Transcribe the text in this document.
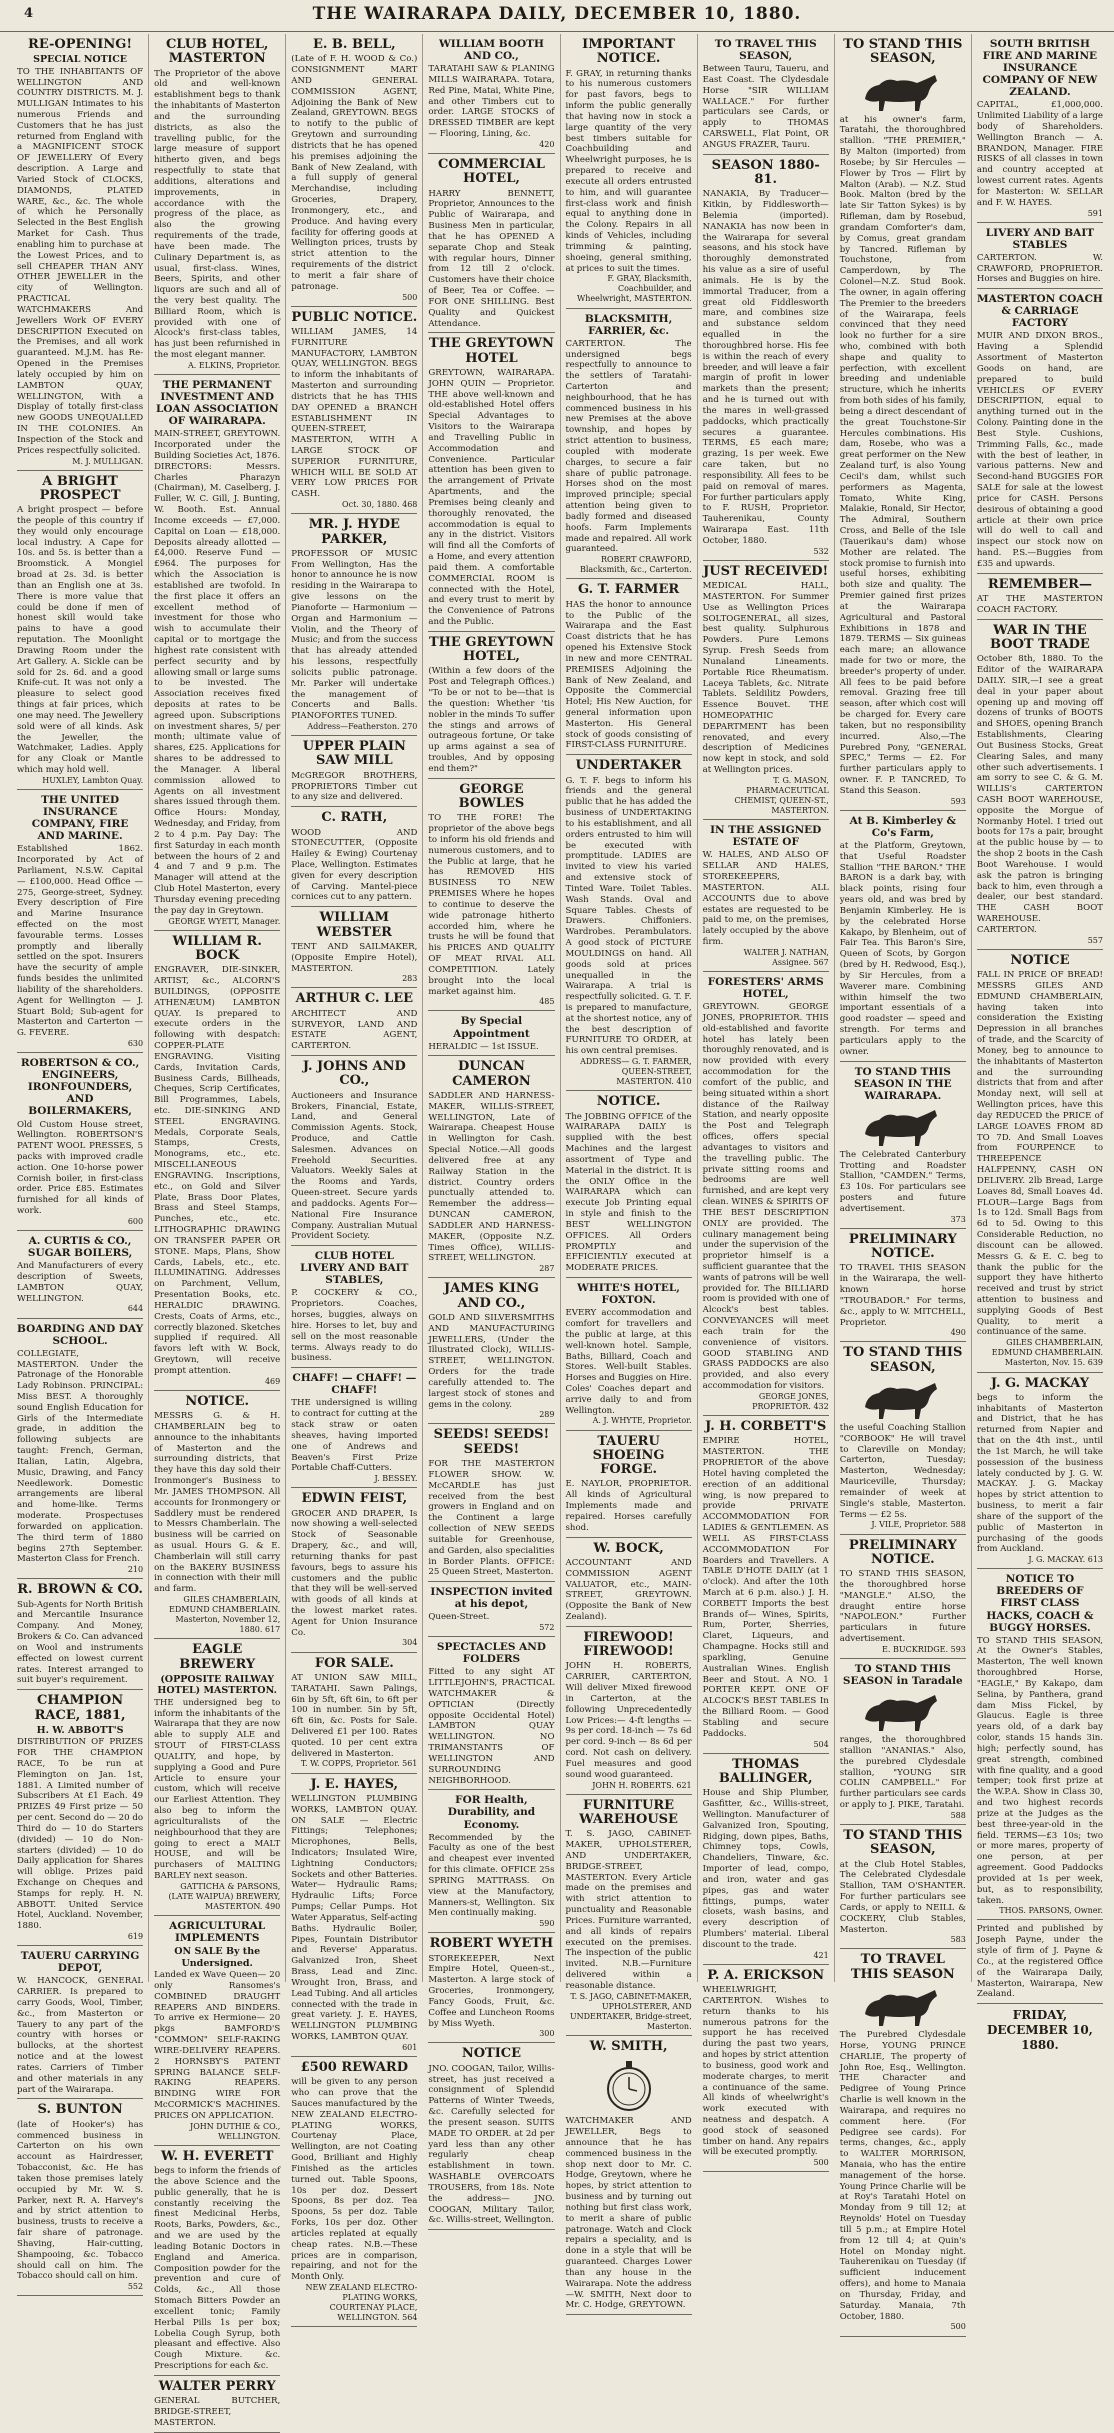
4	THE WAIRARAPA DAILY, DECEMBER 10, 1880.
RE-OPENING!
SPECIAL NOTICE
TO THE INHABITANTS OF WELLINGTON AND COUNTRY DISTRICTS. M. J. MULLIGAN Intimates to his numerous Friends and Customers that he has just returned from England with a MAGNIFICENT STOCK OF JEWELLERY Of Every description. A Large and Varied Stock of CLOCKS, DIAMONDS, PLATED WARE, &c., &c. The whole of which he Personally Selected in the Best English Market for Cash. Thus enabling him to purchase at the Lowest Prices, and to sell CHEAPER THAN ANY OTHER JEWELLER in the city of Wellington. PRACTICAL WATCHMAKERS And Jewellers Work OF EVERY DESCRIPTION Executed on the Premises, and all work guaranteed. M.J.M. has Re-Opened in the Premises lately occupied by him on LAMBTON QUAY, WELLINGTON, With a Display of totally first-class new GOODS UNEQUALLED IN THE COLONIES. An Inspection of the Stock and Prices respectfully solicited.
M. J. MULLIGAN.
A BRIGHT PROSPECT
A bright prospect — before the people of this country if they would only encourage local industry. A Cape for 10s. and 5s. is better than a Broomstick. A Mongiel broad at 2s. 3d. is better than an English one at 3s. There is more value that could be done if men of honest skill would take pains to have a good reputation. The Moonlight Drawing Room under the Art Gallery. A. Sickle can be sold for 2s. 6d. and a good Knife-cut. It was not only a pleasure to select good things at fair prices, which one may need. The Jewellery sold were of all kinds. Ask the Jeweller, the Watchmaker, Ladies. Apply for any Cloak or Mantle which may hold well.
HUXLEY, Lambton Quay.
THE UNITED INSURANCE COMPANY, FIRE AND MARINE.
Established 1862. Incorporated by Act of Parliament, N.S.W. Capital — £100,000. Head Office — 275, George-street, Sydney. Every description of Fire and Marine Insurance effected on the most favourable terms. Losses promptly and liberally settled on the spot. Insurers have the security of ample funds besides the unlimited liability of the shareholders. Agent for Wellington — J. Stuart Bold; Sub-agent for Masterton and Carterton — G. FEVERE.
630
ROBERTSON & CO., ENGINEERS, IRONFOUNDERS, AND BOILERMAKERS,
Old Custom House street, Wellington. ROBERTSON'S PATENT WOOL PRESSES, 5 packs with improved cradle action. One 10-horse power Cornish boiler, in first-class order. Price £85. Estimates furnished for all kinds of work.
600
A. CURTIS & CO., SUGAR BOILERS,
And Manufacturers of every description of Sweets, LAMBTON QUAY, WELLINGTON.
644
BOARDING AND DAY SCHOOL.
COLLEGIATE, MASTERTON. Under the Patronage of the Honorable Lady Robinson. PRINCIPAL: Miss BEST. A thoroughly sound English Education for Girls of the Intermediate grade, in addition the following subjects are taught: French, German, Italian, Latin, Algebra, Music, Drawing, and Fancy Needlework. Domestic arrangements are liberal and home-like. Terms moderate. Prospectuses forwarded on application. The third term of 1880 begins 27th September. Masterton Class for French.
210
R. BROWN & CO.
Sub-Agents for North British and Mercantile Insurance Company. And Money, Brokers & Co. Can advanced on Wool and instruments effected on lowest current rates. Interest arranged to suit buyer's requirement.
CHAMPION RACE, 1881,
H. W. ABBOTT'S
DISTRIBUTION OF PRIZES FOR THE CHAMPION RACE, To be run at Flemington on Jan. 1st, 1881. A Limited number of Subscribers At £1 Each. 49 PRIZES 49 First prize — 50 per cent. Second do — 20 do Third do — 10 do Starters (divided) — 10 do Non-starters (divided) — 10 do Daily application for Shares will oblige. Prizes paid Exchange on Cheques and Stamps for reply. H. N. ABBOTT. United Service Hotel, Auckland. November, 1880.
619
TAUERU CARRYING DEPOT,
W. HANCOCK, GENERAL CARRIER. Is prepared to carry Goods, Wool, Timber, &c., from Masterton or Tauery to any part of the country with horses or bullocks, at the shortest notice and at the lowest rates. Carriers of Timber and other materials in any part of the Wairarapa.
S. BUNTON
(late of Hooker's) has commenced business in Carterton on his own account as Hairdresser, Tobacconist, &c. He has taken those premises lately occupied by Mr. W. S. Parker, next R. A. Harvey's and by strict attention to business, trusts to receive a fair share of patronage. Shaving, Hair-cutting, Shampooing, &c. Tobacco should call on him. The Tobacco should call on him.
552
CLUB HOTEL, MASTERTON
The Proprietor of the above old and well-known establishment begs to thank the inhabitants of Masterton and the surrounding districts, as also the travelling public, for the large measure of support hitherto given, and begs respectfully to state that additions, alterations and improvements, in accordance with the progress of the place, as also the growing requirements of the trade, have been made. The Culinary Department is, as usual, first-class. Wines, Beers, Spirits, and other liquors are such and all of the very best quality. The Billiard Room, which is provided with one of Alcock's first-class tables, has just been refurnished in the most elegant manner.
A. ELKINS, Proprietor.
THE PERMANENT INVESTMENT AND LOAN ASSOCIATION OF WAIRARAPA.
MAIN-STREET, GREYTOWN. Incorporated under the Building Societies Act, 1876. DIRECTORS: Messrs. Charles Pharazyn (Chairman), M. Caselberg, J. Fuller, W. C. Gill, J. Bunting, W. Booth. Est. Annual Income exceeds — £7,000. Capital on Loan — £18,000. Deposits already allotted — £4,000. Reserve Fund — £964. The purposes for which the Association is established are twofold. In the first place it offers an excellent method of investment for those who wish to accumulate their capital or to mortgage the highest rate consistent with perfect security and by allowing small or large sums to be invested. The Association receives fixed deposits at rates to be agreed upon. Subscriptions on investment shares, 5/ per month; ultimate value of shares, £25. Applications for shares to be addressed to the Manager. A liberal commission allowed to Agents on all investment shares issued through them. Office Hours: Monday, Wednesday, and Friday, from 2 to 4 p.m. Pay Day: The first Saturday in each month between the hours of 2 and 4 and 7 and 9 p.m. The Manager will attend at the Club Hotel Masterton, every Thursday evening preceding the pay day in Greytown.
GEORGE WYETT, Manager.
WILLIAM R. BOCK
ENGRAVER, DIE-SINKER, ARTIST, &c., ALCORN'S BUILDINGS, (OPPOSITE ATHENÆUM) LAMBTON QUAY. Is prepared to execute orders in the following with despatch: COPPER-PLATE ENGRAVING. Visiting Cards, Invitation Cards, Business Cards, Billheads, Cheques, Scrip Certificates, Bill Programmes, Labels, etc. DIE-SINKING AND STEEL ENGRAVING. Medals, Corporate Seals, Stamps, Crests, Monograms, etc., etc. MISCELLANEOUS ENGRAVING. Inscriptions, etc., on Gold and Silver Plate, Brass Door Plates, Brass and Steel Stamps, Punches, etc., etc. LITHOGRAPHIC DRAWING ON TRANSFER PAPER OR STONE. Maps, Plans, Show Cards, Labels, etc., etc. ILLUMINATING. Addresses on Parchment, Vellum, Presentation Books, etc. HERALDIC DRAWING. Crests, Coats of Arms, etc., correctly blazoned. Sketches supplied if required. All favors left with W. Bock, Greytown, will receive prompt attention.
469
NOTICE.
MESSRS G. & H. CHAMBERLAIN beg to announce to the inhabitants of Masterton and the surrounding districts, that they have this day sold their Ironmonger's Business to Mr. JAMES THOMPSON. All accounts for Ironmongery or Saddlery must be rendered to Messrs Chamberlain. The business will be carried on as usual. Hours G. & E. Chamberlain will still carry on the BAKERY BUSINESS in connection with their mill and farm.
GILES CHAMBERLAIN, EDMUND CHAMBERLAIN. Masterton, November 12, 1880. 617
EAGLE BREWERY
(OPPOSITE RAILWAY HOTEL) MASTERTON.
THE undersigned beg to inform the inhabitants of the Wairarapa that they are now able to supply ALE and STOUT of FIRST-CLASS QUALITY, and hope, by supplying a Good and Pure Article to ensure your custom, which will receive our Earliest Attention. They also beg to inform the agriculturalists of the neighbourhood that they are going to erect a MALT HOUSE, and will be purchasers of MALTING BARLEY next season.
GATTICHA & PARSONS, (LATE WAIPUA) BREWERY, MASTERTON. 490
AGRICULTURAL IMPLEMENTS
ON SALE By the Undersigned.
Landed ex Wave Queen— 20 only Ransomes's COMBINED DRAUGHT REAPERS AND BINDERS. To arrive ex Hermione— 20 pkgs BAMFORD'S "COMMON" SELF-RAKING WIRE-DELIVERY REAPERS. 2 HORNSBY'S PATENT SPRING BALANCE SELF-RAKING REAPERS. BINDING WIRE FOR McCORMICK'S MACHINES. PRICES ON APPLICATION.
JOHN DUTHIE & CO., WELLINGTON.
W. H. EVERETT
begs to inform the friends of the above Science and the public generally, that he is constantly receiving the finest Medicinal Herbs, Roots, Barks, Powders, &c., and we are used by the leading Botanic Doctors in England and America. Composition powder for the prevention and cure of Colds, &c., All those Stomach Bitters Powder an excellent tonic; Family Herbal Pills 1s per box; Lobelia Cough Syrup, both pleasant and effective. Also Cough Mixture. &c. Prescriptions for each &c.
WALTER PERRY
GENERAL BUTCHER, BRIDGE-STREET, MASTERTON.
E. B. BELL,
(Late of F. H. WOOD & Co.) CONSIGNMENT MART AND GENERAL COMMISSION AGENT, Adjoining the Bank of New Zealand, GREYTOWN. BEGS to notify to the public of Greytown and surrounding districts that he has opened his premises adjoining the Bank of New Zealand, with a full supply of general Merchandise, including Groceries, Drapery, Ironmongery, etc., and Produce. And having every facility for offering goods at Wellington prices, trusts by strict attention to the requirements of the district to merit a fair share of patronage.
500
PUBLIC NOTICE.
WILLIAM JAMES, 14 FURNITURE MANUFACTORY, LAMBTON QUAY, WELLINGTON. BEGS to inform the inhabitants of Masterton and surrounding districts that he has THIS DAY OPENED a BRANCH ESTABLISHMENT IN QUEEN-STREET, MASTERTON, WITH A LARGE STOCK OF SUPERIOR FURNITURE, WHICH WILL BE SOLD AT VERY LOW PRICES FOR CASH.
Oct. 30, 1880. 468
MR. J. HYDE PARKER,
PROFESSOR OF MUSIC From Wellington, Has the honor to announce he is now residing in the Wairarapa to give lessons on the Pianoforte — Harmonium — Organ and Harmonium — Violin, and the Theory of Music; and from the success that has already attended his lessons, respectfully solicits public patronage. Mr. Parker will undertake the management of Concerts and Balls. PIANOFORTES TUNED.
Address—Featherston. 270
UPPER PLAIN SAW MILL
McGREGOR BROTHERS, PROPRIETORS Timber cut to any size and delivered.
C. RATH,
WOOD AND STONECUTTER, (Opposite Hailey & Ewing) Courtenay Place, Wellington. Estimates given for every description of Carving. Mantel-piece cornices cut to any pattern.
WILLIAM WEBSTER
TENT AND SAILMAKER, (Opposite Empire Hotel), MASTERTON.
283
ARTHUR C. LEE
ARCHITECT AND SURVEYOR, LAND AND ESTATE AGENT, CARTERTON.
J. JOHNS AND CO.,
Auctioneers and Insurance Brokers, Financial, Estate, Land, and General Commission Agents. Stock, Produce, and Cattle Salesmen. Advances on Freehold Securities. Valuators. Weekly Sales at the Rooms and Yards, Queen-street. Secure yards and paddocks. Agents For— National Fire Insurance Company. Australian Mutual Provident Society.
CLUB HOTEL LIVERY AND BAIT STABLES,
P. COCKERY & CO., Proprietors. Coaches, horses, buggies, always on hire. Horses to let, buy and sell on the most reasonable terms. Always ready to do business.
CHAFF! — CHAFF! — CHAFF!
THE undersigned is willing to contract for cutting at the stack straw or oaten sheaves, having imported one of Andrews and Beaven's First Prize Portable Chaff-Cutters.
J. BESSEY.
EDWIN FEIST,
GROCER AND DRAPER, Is now showing a well-selected Stock of Seasonable Drapery, &c., and will, returning thanks for past favours, begs to assure his customers and the public that they will be well-served with goods of all kinds at the lowest market rates. Agent for Union Insurance Co.
304
FOR SALE.
AT UNION SAW MILL, TARATAHI. Sawn Palings, 6in by 5ft, 6ft 6in, to 6ft per 100 in number. 5in by 5ft, 6ft 6in, &c. Posts for Sale. Delivered £1 per 100. Rates quoted. 10 per cent extra delivered in Masterton.
T. W. COPPS, Proprietor. 561
J. E. HAYES,
WELLINGTON PLUMBING WORKS, LAMBTON QUAY. ON SALE — Electric Fittings; Telephones; Microphones, Bells, Indicators; Insulated Wire, Lightning Conductors; Sockets and other Batteries. Water— Hydraulic Rams; Hydraulic Lifts; Force Pumps; Cellar Pumps. Hot Water Apparatus, Self-acting Baths. Hydraulic Boiler, Pipes, Fountain Distributor and Reverse' Apparatus. Galvanized Iron, Sheet Brass, Lead and Zinc. Wrought Iron, Brass, and Lead Tubing. And all articles connected with the trade in great variety. J. E. HAYES, WELLINGTON PLUMBING WORKS, LAMBTON QUAY.
601
£500 REWARD
will be given to any person who can prove that the Sauces manufactured by the NEW ZEALAND ELECTRO-PLATING WORKS, Courtenay Place, Wellington, are not Coating Good, Brilliant and Highly Finished as the articles turned out. Table Spoons, 10s per doz. Dessert Spoons, 8s per doz. Tea Spoons, 5s per doz. Table Forks, 10s per doz. Other articles replated at equally cheap rates. N.B.—These prices are in comparison, repairing, and not for the Month Only.
NEW ZEALAND ELECTRO-PLATING WORKS, COURTENAY PLACE, WELLINGTON. 564
WILLIAM BOOTH AND CO.,
TARATAHI SAW & PLANING MILLS WAIRARAPA. Totara, Red Pine, Matai, White Pine, and other Timbers cut to order. LARGE STOCKS of DRESSED TIMBER are kept — Flooring, Lining, &c.
420
COMMERCIAL HOTEL,
HARRY BENNETT, Proprietor, Announces to the Public of Wairarapa, and Business Men in particular, that he has OPENED A separate Chop and Steak with regular hours, Dinner from 12 till 2 o'clock. Customers have their choice of Beer, Tea or Coffee. — FOR ONE SHILLING. Best Quality and Quickest Attendance.
THE GREYTOWN HOTEL
GREYTOWN, WAIRARAPA. JOHN QUIN — Proprietor. THE above well-known and old-established Hotel offers Special Advantages to Visitors to the Wairarapa and Travelling Public in Accommodation and Convenience. Particular attention has been given to the arrangement of Private Apartments, and the Premises being cleanly and thoroughly renovated, the accommodation is equal to any in the district. Visitors will find all the Comforts of a Home, and every attention paid them. A comfortable COMMERCIAL ROOM is connected with the Hotel, and every trust to merit by the Convenience of Patrons and the Public.
THE GREYTOWN HOTEL,
(Within a few doors of the Post and Telegraph Offices.) "To be or not to be—that is the question: Whether 'tis nobler in the minds To suffer the stings and arrows of outrageous fortune, Or take up arms against a sea of troubles, And by opposing end them?"
GEORGE BOWLES
TO THE FORE! The proprietor of the above begs to inform his old friends and numerous customers, and to the Public at large, that he has REMOVED HIS BUSINESS TO NEW PREMISES Where he hopes to continue to deserve the wide patronage hitherto accorded him, where he trusts he will be found that his PRICES AND QUALITY OF MEAT RIVAL ALL COMPETITION. Lately brought into the local market against him.
485
By Special Appointment
HERALDIC — 1st ISSUE.
DUNCAN CAMERON
SADDLER AND HARNESS-MAKER, WILLIS-STREET, WELLINGTON, Late of Wairarapa. Cheapest House in Wellington for Cash. Special Notice.—All goods delivered free at any Railway Station in the district. Country orders punctually attended to. Remember the address— DUNCAN CAMERON, SADDLER AND HARNESS-MAKER, (Opposite N.Z. Times Office), WILLIS-STREET, WELLINGTON.
287
JAMES KING AND CO.,
GOLD AND SILVERSMITHS AND MANUFACTURING JEWELLERS, (Under the Illustrated Clock), WILLIS-STREET, WELLINGTON. Orders for the trade carefully attended to. The largest stock of stones and gems in the colony.
289
SEEDS! SEEDS! SEEDS!
FOR THE MASTERTON FLOWER SHOW. W. McCARDLE has just received from the best growers in England and on the Continent a large collection of NEW SEEDS suitable for Greenhouse, and Garden, also specialities in Border Plants. OFFICE: 25 Queen Street, Masterton.
INSPECTION invited at his depot,
Queen-Street.
572
SPECTACLES AND FOLDERS
Fitted to any sight AT LITTLEJOHN'S, PRACTICAL WATCHMAKER & OPTICIAN (Directly opposite Occidental Hotel) LAMBTON QUAY WELLINGTON. NO TRIMANSTANTS OF WELLINGTON AND SURROUNDING NEIGHBORHOOD.
FOR Health, Durability, and Economy.
Recommended by the Faculty as one of the best and cheapest ever invented for this climate. OFFICE 25s SPRING MATTRASS. On view at the Manufactory, Manners-st, Wellington. Six Men continually making.
590
ROBERT WYETH
STOREKEEPER, Next Empire Hotel, Queen-st., Masterton. A large stock of Groceries, Ironmongery, Fancy Goods, Fruit, &c. Coffee and Luncheon Rooms by Miss Wyeth.
300
NOTICE
JNO. COOGAN, Tailor, Willis-street, has just received a consignment of Splendid Patterns of Winter Tweeds, &c. Carefully selected for the present season. SUITS MADE TO ORDER. at 2d per yard less than any other regularly cheap establishment in town. WASHABLE OVERCOATS TROUSERS, from 18s. Note the address— JNO. COOGAN, Military Tailor, &c. Willis-street, Wellington.
IMPORTANT NOTICE.
F. GRAY, in returning thanks to his numerous customers for past favors, begs to inform the public generally that having now in stock a large quantity of the very best timbers suitable for Coachbuilding and Wheelwright purposes, he is prepared to receive and execute all orders entrusted to him, and will guarantee first-class work and finish equal to anything done in the Colony. Repairs in all kinds of Vehicles, including trimming & painting, shoeing, general smithing, at prices to suit the times.
F. GRAY, Blacksmith, Coachbuilder, and Wheelwright, MASTERTON.
BLACKSMITH, FARRIER, &c.
CARTERTON. The undersigned begs respectfully to announce to the settlers of Taratahi-Carterton and neighbourhood, that he has commenced business in his new Premises at the above township, and hopes by strict attention to business, coupled with moderate charges, to secure a fair share of public patronage. Horses shod on the most improved principle; special attention being given to badly formed and diseased hoofs. Farm Implements made and repaired. All work guaranteed.
ROBERT CRAWFORD, Blacksmith, &c., Carterton.
G. T. FARMER
HAS the honor to announce to the Public of the Wairarapa and the East Coast districts that he has opened his Extensive Stock in new and more CENTRAL PREMISES Adjoining the Bank of New Zealand, and Opposite the Commercial Hotel; His New Auction, for general information upon Masterton. His General stock of goods consisting of FIRST-CLASS FURNITURE.
UNDERTAKER
G. T. F. begs to inform his friends and the general public that he has added the business of UNDERTAKING to his establishment, and all orders entrusted to him will be executed with promptitude. LADIES are invited to view his varied and extensive stock of Tinted Ware. Toilet Tables. Wash Stands. Oval and Square Tables. Chests of Drawers. Chiffoniers. Wardrobes. Perambulators. A good stock of PICTURE MOULDINGS on hand. All goods sold at prices unequalled in the Wairarapa. A trial is respectfully solicited. G. T. F. is prepared to manufacture, at the shortest notice, any of the best description of FURNITURE TO ORDER, at his own central premises.
ADDRESS— G. T. FARMER, QUEEN-STREET, MASTERTON. 410
NOTICE.
The JOBBING OFFICE of the WAIRARAPA DAILY is supplied with the best Machines and the largest assortment of Type and Material in the district. It is the ONLY Office in the WAIRARAPA which can execute Job Printing equal in style and finish to the BEST WELLINGTON OFFICES. All Orders PROMPTLY and EFFICIENTLY executed at MODERATE PRICES.
WHITE'S HOTEL, FOXTON.
EVERY accommodation and comfort for travellers and the public at large, at this well-known hotel. Sample, Baths, Billiard, Coach and Stores. Well-built Stables. Horses and Buggies on Hire. Coles' Coaches depart and arrive daily to and from Wellington.
A. J. WHYTE, Proprietor.
TAUERU SHOEING FORGE.
E. NAYLOR, PROPRIETOR. All kinds of Agricultural Implements made and repaired. Horses carefully shod.
W. BOCK,
ACCOUNTANT AND COMMISSION AGENT VALUATOR, etc., MAIN-STREET, GREYTOWN. (Opposite the Bank of New Zealand).
FIREWOOD! FIREWOOD!
JOHN H. ROBERTS, CARRIER, CARTERTON, Will deliver Mixed firewood in Carterton, at the following Unprecedentedly Low Prices:— 4-ft lengths — 9s per cord. 18-inch — 7s 6d per cord. 9-inch — 8s 6d per cord. Not cash on delivery. Fuel measures and good sound wood guaranteed.
JOHN H. ROBERTS. 621
FURNITURE WAREHOUSE
T. S. JAGO, CABINET-MAKER, UPHOLSTERER, AND UNDERTAKER, BRIDGE-STREET, MASTERTON. Every Article made on the premises and with strict attention to punctuality and Reasonable Prices. Furniture warranted, and all kinds of repairs executed on the premises. The inspection of the public invited. N.B.—Furniture delivered within a reasonable distance.
T. S. JAGO, CABINET-MAKER, UPHOLSTERER, AND UNDERTAKER, Bridge-street, Masterton.
W. SMITH,
WATCHMAKER AND JEWELLER, Begs to announce that he has commenced business in the shop next door to Mr. C. Hodge, Greytown, where he hopes, by strict attention to business and by turning out nothing but first class work, to merit a share of public patronage. Watch and Clock repairs a speciality, and is done in a style that will be guaranteed. Charges Lower than any house in the Wairarapa. Note the address—W. SMITH, Next door to Mr. C. Hodge, GREYTOWN.
TO TRAVEL THIS SEASON,
Between Tauru, Taueru, and East Coast. The Clydesdale Horse "SIR WILLIAM WALLACE." For further particulars see Cards, or apply to THOMAS CARSWELL, Flat Point, OR ANGUS FRAZER, Tauru.
SEASON 1880-81.
NANAKIA, By Traducer—Kitkin, by Fiddlesworth—Belemia (imported). NANAKIA has now been in the Wairarapa for several seasons, and his stock have thoroughly demonstrated his value as a sire of useful animals. He is by the immortal Traducer, from a great old Fiddlesworth mare, and combines size and substance seldom equalled in the thoroughbred horse. His fee is within the reach of every breeder, and will leave a fair margin of profit in lower markets than the present; and he is turned out with the mares in well-grassed paddocks, which practically secures a guarantee. TERMS, £5 each mare; grazing, 1s per week. Ewe care taken, but no responsibility. All fees to be paid on removal of mares. For further particulars apply to F. RUSH, Proprietor. Tauherenikau, County Wairarapa East. 11th October, 1880.
532
JUST RECEIVED!
MEDICAL HALL, MASTERTON. For Summer Use as Wellington Prices SOLTOGENERAL, all sizes, best quality. Sulphurous Powders. Pure Lemons Syrup. Fresh Seeds from Nunaland Lineaments. Portable Rice Rheumatism. Laceya Tablets, &c. Nitrate Tablets. Seldilitz Powders, Essence Bouvet. THE HOMEOPATHIC DEPARTMENT has been renovated, and every description of Medicines now kept in stock, and sold at Wellington prices.
T. G. MASON, PHARMACEUTICAL CHEMIST, QUEEN-ST., MASTERTON.
IN THE ASSIGNED ESTATE OF
W. HALES, AND ALSO OF SELLAR AND HALES, STOREKEEPERS, MASTERTON. ALL ACCOUNTS due to above estates are requested to be paid to me, on the premises, lately occupied by the above firm.
WALTER J. NATHAN, Assignee. 567
FORESTERS' ARMS HOTEL,
GREYTOWN. GEORGE JONES, PROPRIETOR. THIS old-established and favorite hotel has lately been thoroughly renovated, and is now provided with every accommodation for the comfort of the public, and being situated within a short distance of the Railway Station, and nearly opposite the Post and Telegraph offices, offers special advantages to visitors and the travelling public. The private sitting rooms and bedrooms are well furnished, and are kept very clean. WINES & SPIRITS OF THE BEST DESCRIPTION ONLY are provided. The culinary management being under the supervision of the proprietor himself is a sufficient guarantee that the wants of patrons will be well provided for. The BILLIARD room is provided with one of Alcock's best tables. CONVEYANCES will meet each train for the convenience of visitors. GOOD STABLING AND GRASS PADDOCKS are also provided, and also every accommodation for visitors.
GEORGE JONES, PROPRIETOR. 432
J. H. CORBETT'S
EMPIRE HOTEL, MASTERTON. THE PROPRIETOR of the above Hotel having completed the erection of an additional wing, is now prepared to provide PRIVATE ACCOMMODATION FOR LADIES & GENTLEMEN. AS WELL AS FIRST-CLASS ACCOMMODATION For Boarders and Travellers. A TABLE D'HOTE DAILY (at 1 o'clock). And after the 10th March at 6 p.m. also.) J. H. CORBETT Imports the best Brands of— Wines, Spirits, Rum, Porter, Sherries, Claret, Liqueurs, and Champagne. Hocks still and sparkling, Genuine Australian Wines. English Beer and Stout. A NO. 1 PORTER KEPT. ONE OF ALCOCK'S BEST TABLES In the Billiard Room. — Good Stabling and secure Paddocks.
504
THOMAS BALLINGER,
House and Ship Plumber, Gasfitter, &c., Willis-street, Wellington. Manufacturer of Galvanized Iron, Spouting, Ridging, down pipes, Baths, Chimney tops, Cowls, Chandeliers, Tinware, &c. Importer of lead, compo, and iron, water and gas pipes, gas and water fittings, pumps, water closets, wash basins, and every description of Plumbers' material. Liberal discount to the trade.
421
P. A. ERICKSON
WHEELWRIGHT, CARTERTON. Wishes to return thanks to his numerous patrons for the support he has received during the past two years, and hopes by strict attention to business, good work and moderate charges, to merit a continuance of the same. All kinds of wheelwright's work executed with neatness and despatch. A good stock of seasoned timber on hand. Any repairs will be executed promptly.
500
TO STAND THIS SEASON,
at his owner's farm, Taratahi, the thoroughbred stallion. "THE PREMIER," By Malton (imported) from Rosebe; by Sir Hercules — Flower by Tros — Flirt by Malton (Arab). — N.Z. Stud Book. Malton (bred by the late Sir Tatton Sykes) is by Rifleman, dam by Rosebud, grandam Comforter's dam, by Comus, great grandam by Tancred. Rifleman by Touchstone, from Camperdown, by The Colonel—N.Z. Stud Book. The owner, in again offering The Premier to the breeders of the Wairarapa, feels convinced that they need look no further for a sire who, combined with both shape and quality to perfection, with excellent breeding and undeniable structure, which he inherits from both sides of his family, being a direct descendant of the great Touchstone-Sir Hercules combinations. His dam, Rosebe, who was a great performer on the New Zealand turf, is also Young Cecil's dam, whilst such performers as Magenta, Tomato, White King, Malakie, Ronald, Sir Hector, The Admiral, Southern Cross, and Belle of the Isle (Tauerikau's dam) whose Mother are related. The stock promise to furnish into useful horses, exhibiting both size and quality. The Premier gained first prizes at the Wairarapa Agricultural and Pastoral Exhibitions in 1878 and 1879. TERMS — Six guineas each mare; an allowance made for two or more, the breeder's property of under. All fees to be paid before removal. Grazing free till season, after which cost will be charged for. Every care taken, but no responsibility incurred. Also,—The Purebred Pony, "GENERAL SPEC," Terms — £2. For further particulars apply to owner. F. P. TANCRED, To Stand this Season.
593
At B. Kimberley & Co's Farm,
at the Platform, Greytown, that Useful Roadster Stallion "THE BARON." THE BARON is a dark bay, with black points, rising four years old, and was bred by Benjamin Kimberley. He is by the celebrated Horse Kakapo, by Blenheim, out of Fair Tea. This Baron's Sire, Queen of Scots, by Gorgon (bred by H. Redwood, Esq.), by Sir Hercules, from a Waverer mare. Combining within himself the two important essentials of a good roadster — speed and strength. For terms and particulars apply to the owner.
TO STAND THIS SEASON IN THE WAIRARAPA.
The Celebrated Canterbury Trotting and Roadster Stallion, "CAMDEN." Terms, £3 10s. For particulars see posters and future advertisement.
373
PRELIMINARY NOTICE.
TO TRAVEL THIS SEASON in the Wairarapa, the well-known horse "TROUBADOR." For terms, &c., apply to W. MITCHELL, Proprietor.
490
TO STAND THIS SEASON,
the useful Coaching Stallion "CORBOOK" He will travel to Clareville on Monday; Carterton, Tuesday; Masterton, Wednesday; Mauriceville, Thursday; remainder of week at Single's stable, Masterton. Terms — £2 5s.
J. VILE, Proprietor. 588
PRELIMINARY NOTICE.
TO STAND THIS SEASON, the thoroughbred horse "MANGLE." ALSO, the draught entire horse "NAPOLEON." Further particulars in future advertisement.
E. BUCKRIDGE. 593
TO STAND THIS SEASON in Taradale
ranges, the thoroughbred stallion "ANANIAS." Also, the purebred Clydesdale stallion, "YOUNG SIR COLIN CAMPBELL." For further particulars see cards or apply to J. PIKE, Taratahi.
588
TO STAND THIS SEASON,
at the Club Hotel Stables, The Celebrated Clydesdale Stallion, TAM O'SHANTER. For further particulars see Cards, or apply to NEILL & COCKERY, Club Stables, Masterton.
583
TO TRAVEL THIS SEASON
The Purebred Clydesdale Horse, YOUNG PRINCE CHARLIE, The property of John Roe, Esq., Wellington. THE Character and Pedigree of Young Prince Charlie is well known in the Wairarapa, and requires no comment here. (For Pedigree see cards). For terms, changes, &c., apply to WALTER MORRISON, Manaia, who has the entire management of the horse. Young Prince Charlie will be at Roy's Taratahi Hotel on Monday from 9 till 12; at Reynolds' Hotel on Tuesday till 5 p.m.; at Empire Hotel from 12 till 4; at Quin's Hotel on Monday night. Tauherenikau on Tuesday (if sufficient inducement offers), and home to Manaia on Thursday, Friday, and Saturday. Manaia, 7th October, 1880.
500
SOUTH BRITISH FIRE AND MARINE INSURANCE COMPANY OF NEW ZEALAND.
CAPITAL, £1,000,000. Unlimited Liability of a large body of Shareholders. Wellington Branch — A. BRANDON, Manager. FIRE RISKS of all classes in town and country accepted at lowest current rates. Agents for Masterton: W. SELLAR and F. W. HAYES.
591
LIVERY AND BAIT STABLES
CARTERTON. W. CRAWFORD, PROPRIETOR. Horses and Buggies on hire.
MASTERTON COACH & CARRIAGE FACTORY
MUIR AND DIXON BROS., Having a Splendid Assortment of Masterton Goods on hand, are prepared to build VEHICLES OF EVERY DESCRIPTION, equal to anything turned out in the Colony. Painting done in the Best Style. Cushions, Trimming Falls, &c., made with the best of leather, in various patterns. New and Second-hand BUGGIES FOR SALE for sale at the lowest price for CASH. Persons desirous of obtaining a good article at their own price will do well to call and inspect our stock now on hand. P.S.—Buggies from £35 and upwards.
REMEMBER—
AT THE MASTERTON COACH FACTORY.
WAR IN THE BOOT TRADE
October 8th, 1880. To the Editor of the WAIRARAPA DAILY. SIR,—I see a great deal in your paper about opening up and moving off dozens of trunks of BOOTS and SHOES, opening Branch Establishments, Clearing Out Business Stocks, Great Clearing Sales, and many other such advertisements. I am sorry to see C. & G. M. WILLIS's CARTERTON CASH BOOT WAREHOUSE, opposite the Morgue of Normanby Hotel. I tried out boots for 17s a pair, brought at the public house by — to the shop 2 boots in the Cash Boot Warehouse. I would ask the patron is bringing back to him, even through a dealer, our best standard. THE CASH BOOT WAREHOUSE. CARTERTON.
557
NOTICE
FALL IN PRICE OF BREAD! MESSRS GILES AND EDMUND CHAMBERLAIN, having taken into consideration the Existing Depression in all branches of trade, and the Scarcity of Money, beg to announce to the inhabitants of Masterton and the surrounding districts that from and after Monday next, will sell at Wellington prices, have this day REDUCED the PRICE of LARGE LOAVES FROM 8D TO 7D. And Small Loaves from FOURPENCE to THREEPENCE HALFPENNY, CASH ON DELIVERY. 2lb Bread, Large Loaves 8d, Small Loaves 4d. FLOUR—Large Bags from 1s to 12d. Small Bags from 6d to 5d. Owing to this Considerable Reduction, no discount can be allowed. Messrs G. & E. C. beg to thank the public for the support they have hitherto received and trust by strict attention to business and supplying Goods of Best Quality, to merit a continuance of the same.
GILES CHAMBERLAIN, EDMUND CHAMBERLAIN. Masterton, Nov. 15. 639
J. G. MACKAY
begs to inform the inhabitants of Masterton and District, that he has returned from Napier and that on the 4th inst., until the 1st March, he will take possession of the business lately conducted by J. G. W. MACKAY. J. G. Mackay hopes by strict attention to business, to merit a fair share of the support of the public of Masterton in purchasing of the goods from Auckland.
J. G. MACKAY. 613
NOTICE TO BREEDERS OF FIRST CLASS HACKS, COACH & BUGGY HORSES.
TO STAND THIS SEASON, At the Owner's Stables, Masterton, The well known thoroughbred Horse, "EAGLE," By Kakapo, dam Selina, by Panthera, grand dam Miss Fickel, by Glaucus. Eagle is three years old, of a dark bay color, stands 15 hands 3in. high; perfectly sound, has great strength, combined with fine quality, and a good temper; took first prize at the W.P.A. Show in Class 30, and two highest records prize at the Judges as the best three-year-old in the field. TERMS—£3 10s; two or more mares, property of one person, at per agreement. Good Paddocks provided at 1s per week, but, as to responsibility, taken.
THOS. PARSONS, Owner.
Printed and published by Joseph Payne, under the style of firm of J. Payne & Co., at the registered Office of the Wairarapa Daily, Masterton, Wairarapa, New Zealand.
FRIDAY, DECEMBER 10, 1880.
